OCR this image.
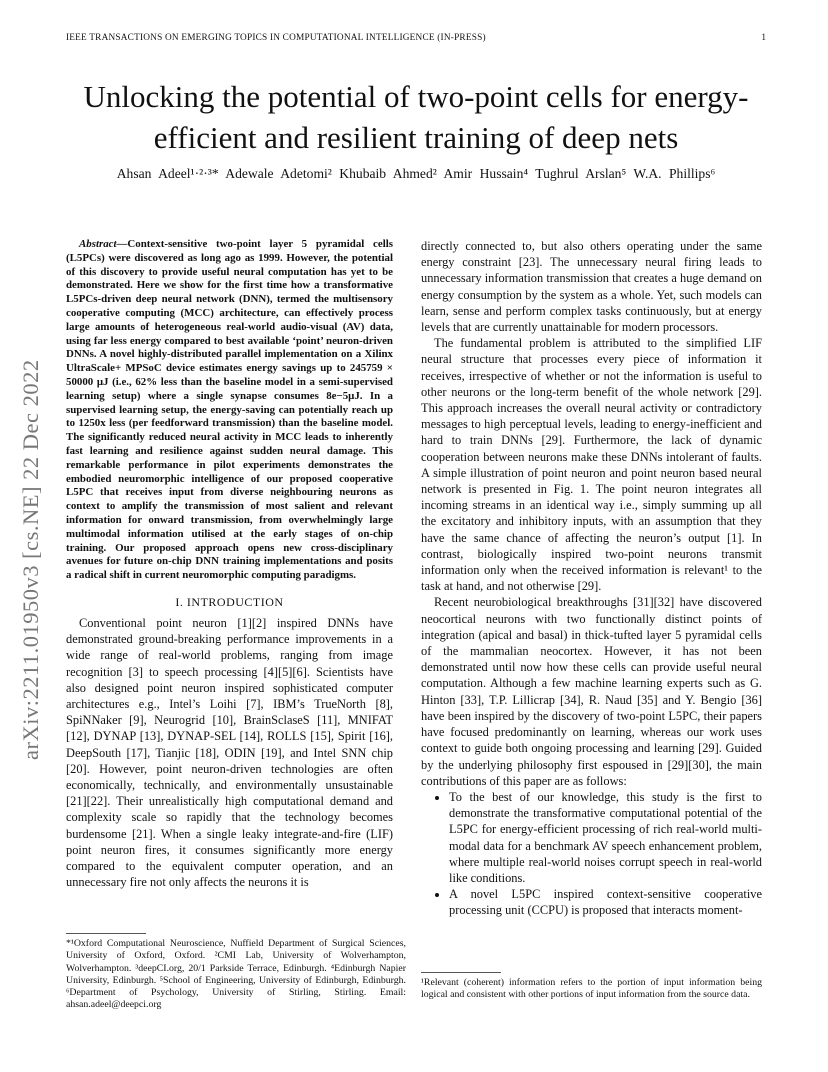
IEEE TRANSACTIONS ON EMERGING TOPICS IN COMPUTATIONAL INTELLIGENCE (IN-PRESS)	1
arXiv:2211.01950v3 [cs.NE] 22 Dec 2022
Unlocking the potential of two-point cells for energy-efficient and resilient training of deep nets
Ahsan Adeel¹·²·³* Adewale Adetomi² Khubaib Ahmed² Amir Hussain⁴ Tughrul Arslan⁵ W.A. Phillips⁶
Abstract—Context-sensitive two-point layer 5 pyramidal cells (L5PCs) were discovered as long ago as 1999. However, the potential of this discovery to provide useful neural computation has yet to be demonstrated. Here we show for the first time how a transformative L5PCs-driven deep neural network (DNN), termed the multisensory cooperative computing (MCC) architecture, can effectively process large amounts of heterogeneous real-world audio-visual (AV) data, using far less energy compared to best available ‘point’ neuron-driven DNNs. A novel highly-distributed parallel implementation on a Xilinx UltraScale+ MPSoC device estimates energy savings up to 245759 × 50000 μJ (i.e., 62% less than the baseline model in a semi-supervised learning setup) where a single synapse consumes 8e−5μJ. In a supervised learning setup, the energy-saving can potentially reach up to 1250x less (per feedforward transmission) than the baseline model. The significantly reduced neural activity in MCC leads to inherently fast learning and resilience against sudden neural damage. This remarkable performance in pilot experiments demonstrates the embodied neuromorphic intelligence of our proposed cooperative L5PC that receives input from diverse neighbouring neurons as context to amplify the transmission of most salient and relevant information for onward transmission, from overwhelmingly large multimodal information utilised at the early stages of on-chip training. Our proposed approach opens new cross-disciplinary avenues for future on-chip DNN training implementations and posits a radical shift in current neuromorphic computing paradigms.
I. INTRODUCTION

Conventional point neuron [1][2] inspired DNNs have demonstrated ground-breaking performance improvements in a wide range of real-world problems, ranging from image recognition [3] to speech processing [4][5][6]. Scientists have also designed point neuron inspired sophisticated computer architectures e.g., Intel’s Loihi [7], IBM’s TrueNorth [8], SpiNNaker [9], Neurogrid [10], BrainSclaseS [11], MNIFAT [12], DYNAP [13], DYNAP-SEL [14], ROLLS [15], Spirit [16], DeepSouth [17], Tianjic [18], ODIN [19], and Intel SNN chip [20]. However, point neuron-driven technologies are often economically, technically, and environmentally unsustainable [21][22]. Their unrealistically high computational demand and complexity scale so rapidly that the technology becomes burdensome [21]. When a single leaky integrate-and-fire (LIF) point neuron fires, it consumes significantly more energy compared to the equivalent computer operation, and an unnecessary fire not only affects the neurons it is

directly connected to, but also others operating under the same energy constraint [23]. The unnecessary neural firing leads to unnecessary information transmission that creates a huge demand on energy consumption by the system as a whole. Yet, such models can learn, sense and perform complex tasks continuously, but at energy levels that are currently unattainable for modern processors.

The fundamental problem is attributed to the simplified LIF neural structure that processes every piece of information it receives, irrespective of whether or not the information is useful to other neurons or the long-term benefit of the whole network [29]. This approach increases the overall neural activity or contradictory messages to high perceptual levels, leading to energy-inefficient and hard to train DNNs [29]. Furthermore, the lack of dynamic cooperation between neurons make these DNNs intolerant of faults. A simple illustration of point neuron and point neuron based neural network is presented in Fig. 1. The point neuron integrates all incoming streams in an identical way i.e., simply summing up all the excitatory and inhibitory inputs, with an assumption that they have the same chance of affecting the neuron’s output [1]. In contrast, biologically inspired two-point neurons transmit information only when the received information is relevant¹ to the task at hand, and not otherwise [29].

Recent neurobiological breakthroughs [31][32] have discovered neocortical neurons with two functionally distinct points of integration (apical and basal) in thick-tufted layer 5 pyramidal cells of the mammalian neocortex. However, it has not been demonstrated until now how these cells can provide useful neural computation. Although a few machine learning experts such as G. Hinton [33], T.P. Lillicrap [34], R. Naud [35] and Y. Bengio [36] have been inspired by the discovery of two-point L5PC, their papers have focused predominantly on learning, whereas our work uses context to guide both ongoing processing and learning [29]. Guided by the underlying philosophy first espoused in [29][30], the main contributions of this paper are as follows:

• To the best of our knowledge, this study is the first to demonstrate the transformative computational potential of the L5PC for energy-efficient processing of rich real-world multi-modal data for a benchmark AV speech enhancement problem, where multiple real-world noises corrupt speech in real-world like conditions.
• A novel L5PC inspired context-sensitive cooperative processing unit (CCPU) is proposed that interacts moment-
*¹Oxford Computational Neuroscience, Nuffield Department of Surgical Sciences, University of Oxford, Oxford. ²CMI Lab, University of Wolverhampton, Wolverhampton. ³deepCI.org, 20/1 Parkside Terrace, Edinburgh. ⁴Edinburgh Napier University, Edinburgh. ⁵School of Engineering, University of Edinburgh, Edinburgh. ⁶Department of Psychology, University of Stirling, Stirling. Email: ahsan.adeel@deepci.org
¹Relevant (coherent) information refers to the portion of input information being logical and consistent with other portions of input information from the source data.
